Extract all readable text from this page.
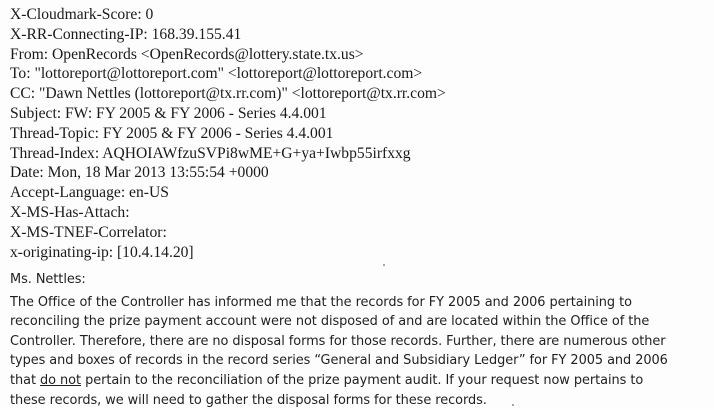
X-Cloudmark-Score: 0
X-RR-Connecting-IP: 168.39.155.41
From: OpenRecords <OpenRecords@lottery.state.tx.us>
To: "lottoreport@lottoreport.com" <lottoreport@lottoreport.com>
CC: "Dawn Nettles (lottoreport@tx.rr.com)" <lottoreport@tx.rr.com>
Subject: FW: FY 2005 & FY 2006 - Series 4.4.001
Thread-Topic: FY 2005 & FY 2006 - Series 4.4.001
Thread-Index: AQHOIAWfzuSVPi8wME+G+ya+Iwbp55irfxxg
Date: Mon, 18 Mar 2013 13:55:54 +0000
Accept-Language: en-US
X-MS-Has-Attach:
X-MS-TNEF-Correlator:
x-originating-ip: [10.4.14.20]
Ms. Nettles:
The Office of the Controller has informed me that the records for FY 2005 and 2006 pertaining to
reconciling the prize payment account were not disposed of and are located within the Office of the
Controller. Therefore, there are no disposal forms for those records. Further, there are numerous other
types and boxes of records in the record series “General and Subsidiary Ledger” for FY 2005 and 2006
that do not pertain to the reconciliation of the prize payment audit. If your request now pertains to
these records, we will need to gather the disposal forms for these records.
